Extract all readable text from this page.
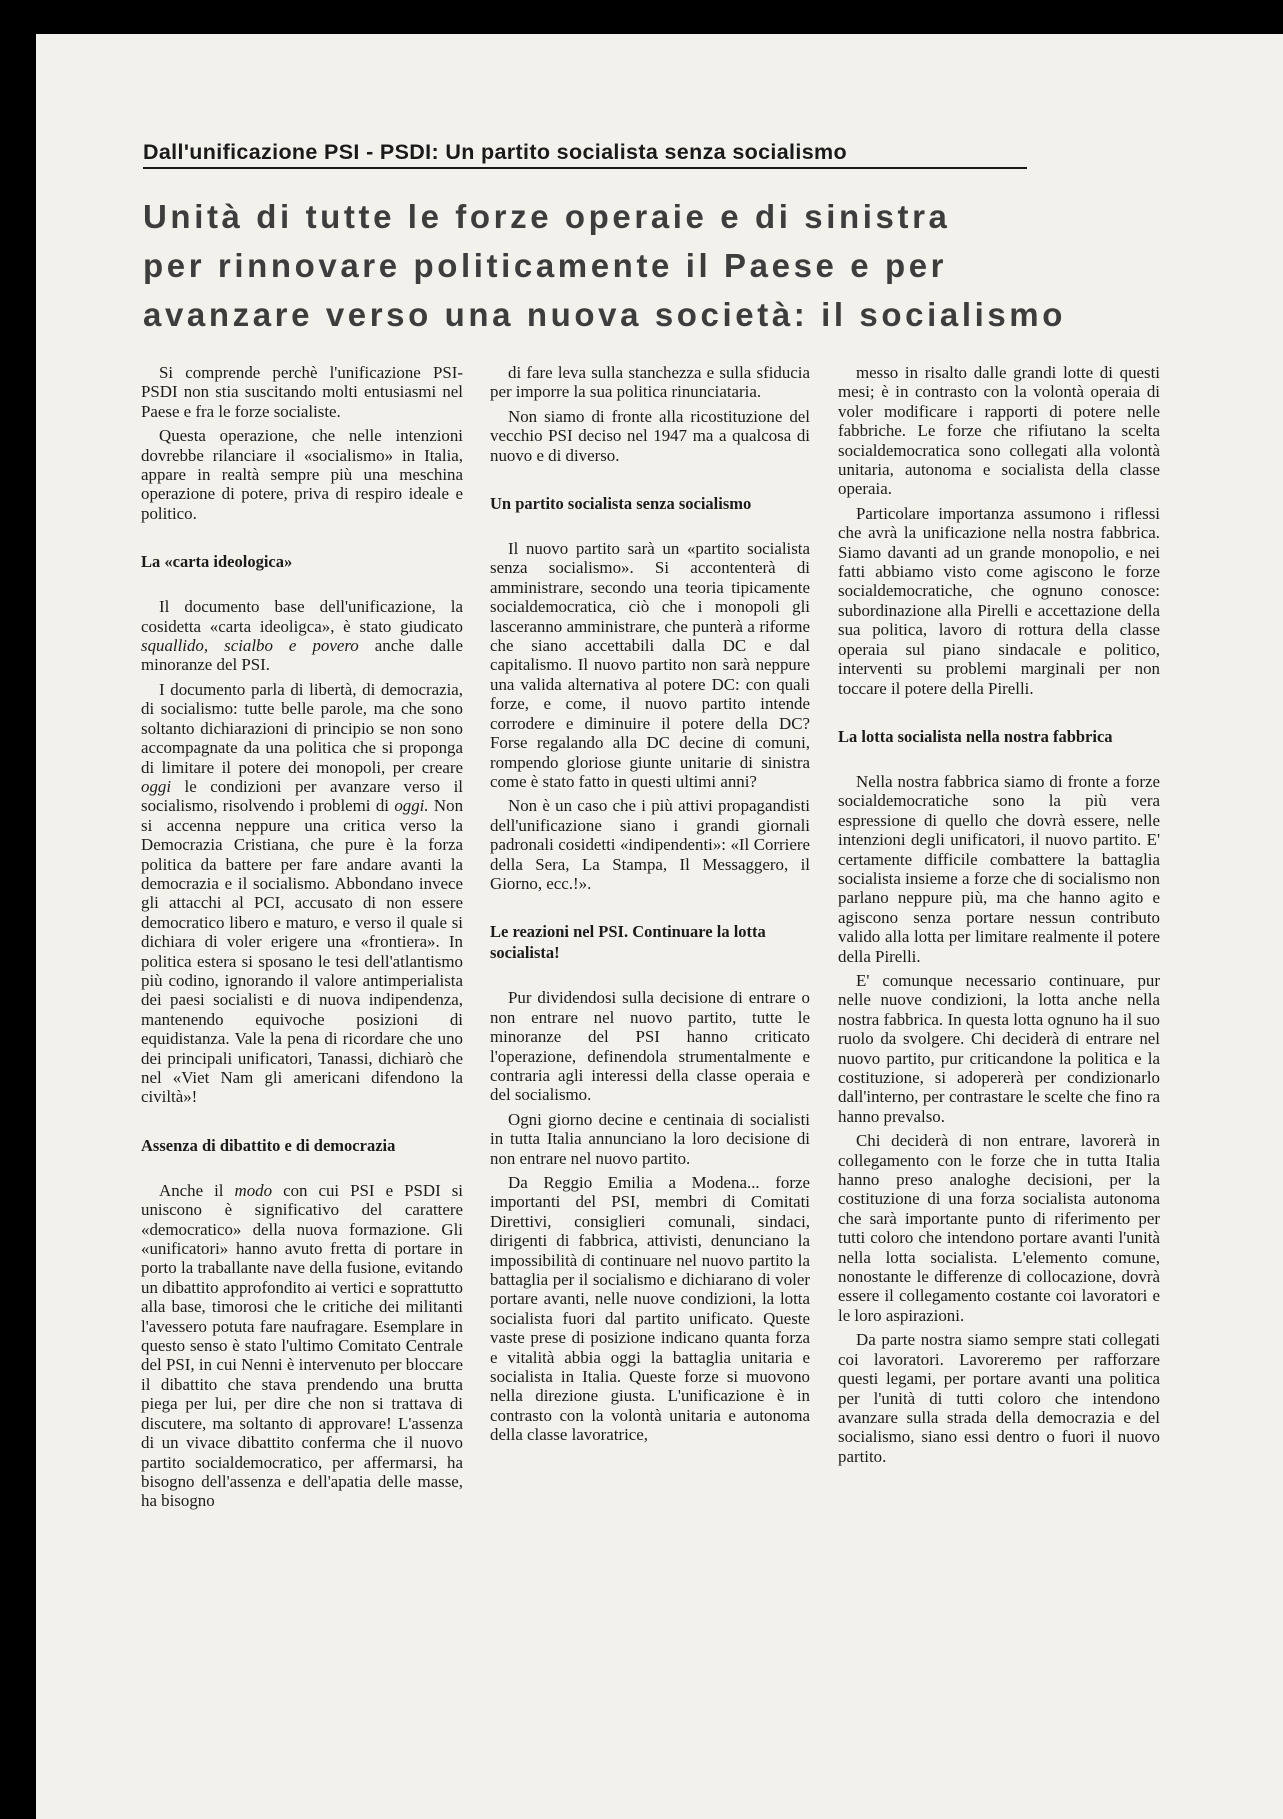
Dall'unificazione PSI - PSDI: Un partito socialista senza socialismo
Unità di tutte le forze operaie e di sinistra
per rinnovare politicamente il Paese e per
avanzare verso una nuova società: il socialismo

Si comprende perchè l'unificazione PSI-PSDI non stia suscitando molti entusiasmi nel Paese e fra le forze socialiste.

Questa operazione, che nelle intenzioni dovrebbe rilanciare il «socialismo» in Italia, appare in realtà sempre più una meschina operazione di potere, priva di respiro ideale e politico.

La «carta ideologica»

Il documento base dell'unificazione, la cosidetta «carta ideoligca», è stato giudicato squallido, scialbo e povero anche dalle minoranze del PSI.

I documento parla di libertà, di democrazia, di socialismo: tutte belle parole, ma che sono soltanto dichiarazioni di principio se non sono accompagnate da una politica che si proponga di limitare il potere dei monopoli, per creare oggi le condizioni per avanzare verso il socialismo, risolvendo i problemi di oggi. Non si accenna neppure una critica verso la Democrazia Cristiana, che pure è la forza politica da battere per fare andare avanti la democrazia e il socialismo. Abbondano invece gli attacchi al PCI, accusato di non essere democratico libero e maturo, e verso il quale si dichiara di voler erigere una «frontiera». In politica estera si sposano le tesi dell'atlantismo più codino, ignorando il valore antimperialista dei paesi socialisti e di nuova indipendenza, mantenendo equivoche posizioni di equidistanza. Vale la pena di ricordare che uno dei principali unificatori, Tanassi, dichiarò che nel «Viet Nam gli americani difendono la civiltà»!

Assenza di dibattito e di democrazia

Anche il modo con cui PSI e PSDI si uniscono è significativo del carattere «democratico» della nuova formazione. Gli «unificatori» hanno avuto fretta di portare in porto la traballante nave della fusione, evitando un dibattito approfondito ai vertici e soprattutto alla base, timorosi che le critiche dei militanti l'avessero potuta fare naufragare. Esemplare in questo senso è stato l'ultimo Comitato Centrale del PSI, in cui Nenni è intervenuto per bloccare il dibattito che stava prendendo una brutta piega per lui, per dire che non si trattava di discutere, ma soltanto di approvare! L'assenza di un vivace dibattito conferma che il nuovo partito socialdemocratico, per affermarsi, ha bisogno dell'assenza e dell'apatia delle masse, ha bisogno

di fare leva sulla stanchezza e sulla sfiducia per imporre la sua politica rinunciataria.

Non siamo di fronte alla ricostituzione del vecchio PSI deciso nel 1947 ma a qualcosa di nuovo e di diverso.

Un partito socialista senza socialismo

Il nuovo partito sarà un «partito socialista senza socialismo». Si accontenterà di amministrare, secondo una teoria tipicamente socialdemocratica, ciò che i monopoli gli lasceranno amministrare, che punterà a riforme che siano accettabili dalla DC e dal capitalismo. Il nuovo partito non sarà neppure una valida alternativa al potere DC: con quali forze, e come, il nuovo partito intende corrodere e diminuire il potere della DC? Forse regalando alla DC decine di comuni, rompendo gloriose giunte unitarie di sinistra come è stato fatto in questi ultimi anni?

Non è un caso che i più attivi propagandisti dell'unificazione siano i grandi giornali padronali cosidetti «indipendenti»: «Il Corriere della Sera, La Stampa, Il Messaggero, il Giorno, ecc.!».

Le reazioni nel PSI. Continuare la lotta socialista!

Pur dividendosi sulla decisione di entrare o non entrare nel nuovo partito, tutte le minoranze del PSI hanno criticato l'operazione, definendola strumentalmente e contraria agli interessi della classe operaia e del socialismo.

Ogni giorno decine e centinaia di socialisti in tutta Italia annunciano la loro decisione di non entrare nel nuovo partito.

Da Reggio Emilia a Modena... forze importanti del PSI, membri di Comitati Direttivi, consiglieri comunali, sindaci, dirigenti di fabbrica, attivisti, denunciano la impossibilità di continuare nel nuovo partito la battaglia per il socialismo e dichiarano di voler portare avanti, nelle nuove condizioni, la lotta socialista fuori dal partito unificato. Queste vaste prese di posizione indicano quanta forza e vitalità abbia oggi la battaglia unitaria e socialista in Italia. Queste forze si muovono nella direzione giusta. L'unificazione è in contrasto con la volontà unitaria e autonoma della classe lavoratrice,

messo in risalto dalle grandi lotte di questi mesi; è in contrasto con la volontà operaia di voler modificare i rapporti di potere nelle fabbriche. Le forze che rifiutano la scelta socialdemocratica sono collegati alla volontà unitaria, autonoma e socialista della classe operaia.

Particolare importanza assumono i riflessi che avrà la unificazione nella nostra fabbrica. Siamo davanti ad un grande monopolio, e nei fatti abbiamo visto come agiscono le forze socialdemocratiche, che ognuno conosce: subordinazione alla Pirelli e accettazione della sua politica, lavoro di rottura della classe operaia sul piano sindacale e politico, interventi su problemi marginali per non toccare il potere della Pirelli.

La lotta socialista nella nostra fabbrica

Nella nostra fabbrica siamo di fronte a forze socialdemocratiche sono la più vera espressione di quello che dovrà essere, nelle intenzioni degli unificatori, il nuovo partito. E' certamente difficile combattere la battaglia socialista insieme a forze che di socialismo non parlano neppure più, ma che hanno agito e agiscono senza portare nessun contributo valido alla lotta per limitare realmente il potere della Pirelli.

E' comunque necessario continuare, pur nelle nuove condizioni, la lotta anche nella nostra fabbrica. In questa lotta ognuno ha il suo ruolo da svolgere. Chi deciderà di entrare nel nuovo partito, pur criticandone la politica e la costituzione, si adopererà per condizionarlo dall'interno, per contrastare le scelte che fino ra hanno prevalso.

Chi deciderà di non entrare, lavorerà in collegamento con le forze che in tutta Italia hanno preso analoghe decisioni, per la costituzione di una forza socialista autonoma che sarà importante punto di riferimento per tutti coloro che intendono portare avanti l'unità nella lotta socialista. L'elemento comune, nonostante le differenze di collocazione, dovrà essere il collegamento costante coi lavoratori e le loro aspirazioni.

Da parte nostra siamo sempre stati collegati coi lavoratori. Lavoreremo per rafforzare questi legami, per portare avanti una politica per l'unità di tutti coloro che intendono avanzare sulla strada della democrazia e del socialismo, siano essi dentro o fuori il nuovo partito.
